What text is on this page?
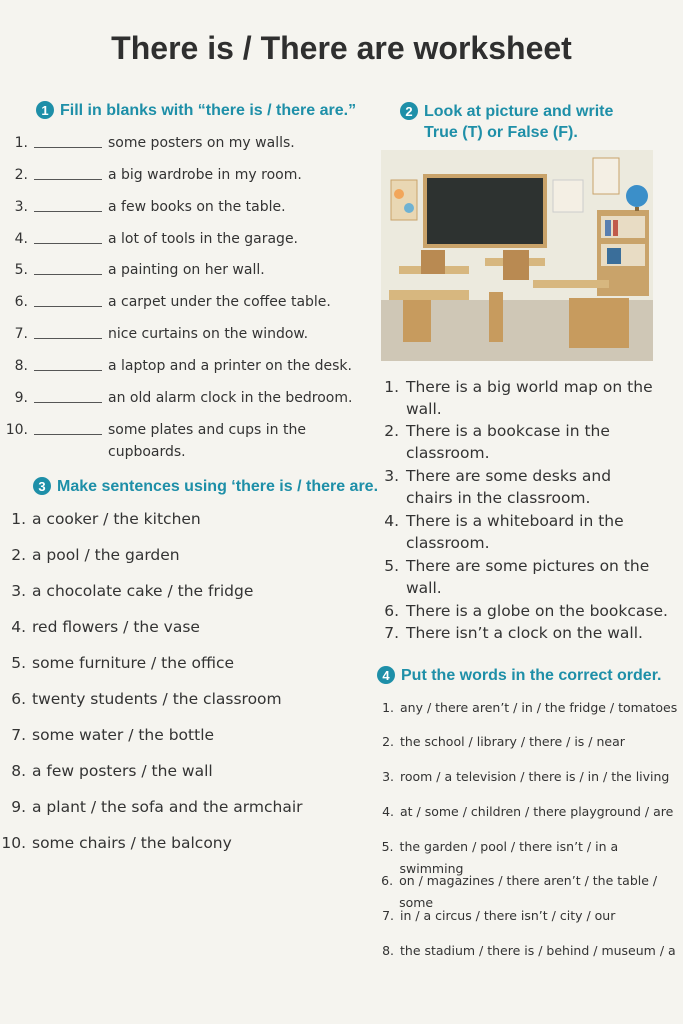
There is / There are worksheet
1 Fill in blanks with “there is / there are.”
1.	some posters on my walls.
2.	a big wardrobe in my room.
3.	a few books on the table.
4.	a lot of tools in the garage.
5.	a painting on her wall.
6.	a carpet under the coffee table.
7.	nice curtains on the window.
8.	a laptop and a printer on the desk.
9.	an old alarm clock in the bedroom.
10.	some plates and cups in the cupboards.
2 Look at picture and write
True (T) or False (F).
1. There is a big world map on the wall.
2. There is a bookcase in the classroom.
3. There are some desks and chairs in the classroom.
4. There is a whiteboard in the classroom.
5. There are some pictures on the wall.
6. There is a globe on the bookcase.
7. There isn’t a clock on the wall.
3 Make sentences using ‘there is / there are.
1. a cooker / the kitchen
2. a pool / the garden
3. a chocolate cake / the fridge
4. red flowers / the vase
5. some furniture / the office
6. twenty students / the classroom
7. some water / the bottle
8. a few posters / the wall
9. a plant / the sofa and the armchair
10. some chairs / the balcony
4 Put the words in the correct order.
1. any / there aren’t / in / the fridge / tomatoes
2. the school / library / there / is / near
3. room / a television / there is / in / the living
4. at / some / children / there playground / are
5. the garden / pool / there isn’t / in a swimming
6. on / magazines / there aren’t / the table / some
7. in / a circus / there isn’t / city / our
8. the stadium / there is / behind / museum / a
